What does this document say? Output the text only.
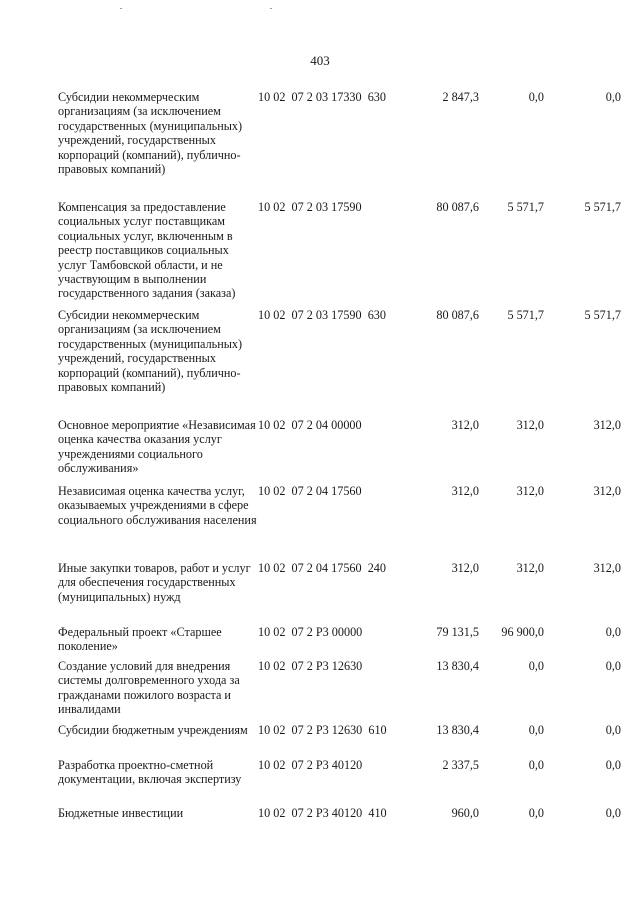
403
Субсидии некоммерческим организациям (за исключением государственных (муниципальных) учреждений, государственных корпораций (компаний), публично-правовых компаний)
10 02  07 2 03 17330  630	2 847,3	0,0	0,0
Компенсация за предоставление социальных услуг поставщикам социальных услуг, включенным в реестр поставщиков социальных услуг Тамбовской области, и не участвующим в выполнении государственного задания (заказа)
10 02  07 2 03 17590	80 087,6	5 571,7	5 571,7
Субсидии некоммерческим организациям (за исключением государственных (муниципальных) учреждений, государственных корпораций (компаний), публично-правовых компаний)
10 02  07 2 03 17590  630	80 087,6	5 571,7	5 571,7
Основное мероприятие «Независимая оценка качества оказания услуг учреждениями социального обслуживания»
10 02  07 2 04 00000	312,0	312,0	312,0
Независимая оценка качества услуг, оказываемых учреждениями в сфере социального обслуживания населения
10 02  07 2 04 17560	312,0	312,0	312,0
Иные закупки товаров, работ и услуг для обеспечения государственных (муниципальных) нужд
10 02  07 2 04 17560  240	312,0	312,0	312,0
Федеральный проект «Старшее поколение»
10 02  07 2 P3 00000	79 131,5	96 900,0	0,0
Создание условий для внедрения системы долговременного ухода за гражданами пожилого возраста и инвалидами
10 02  07 2 P3 12630	13 830,4	0,0	0,0
Субсидии бюджетным учреждениям 10 02  07 2 P3 12630  610	13 830,4	0,0	0,0
Разработка проектно-сметной документации, включая экспертизу
10 02  07 2 P3 40120	2 337,5	0,0	0,0
Бюджетные инвестиции	10 02  07 2 P3 40120  410	960,0	0,0	0,0
